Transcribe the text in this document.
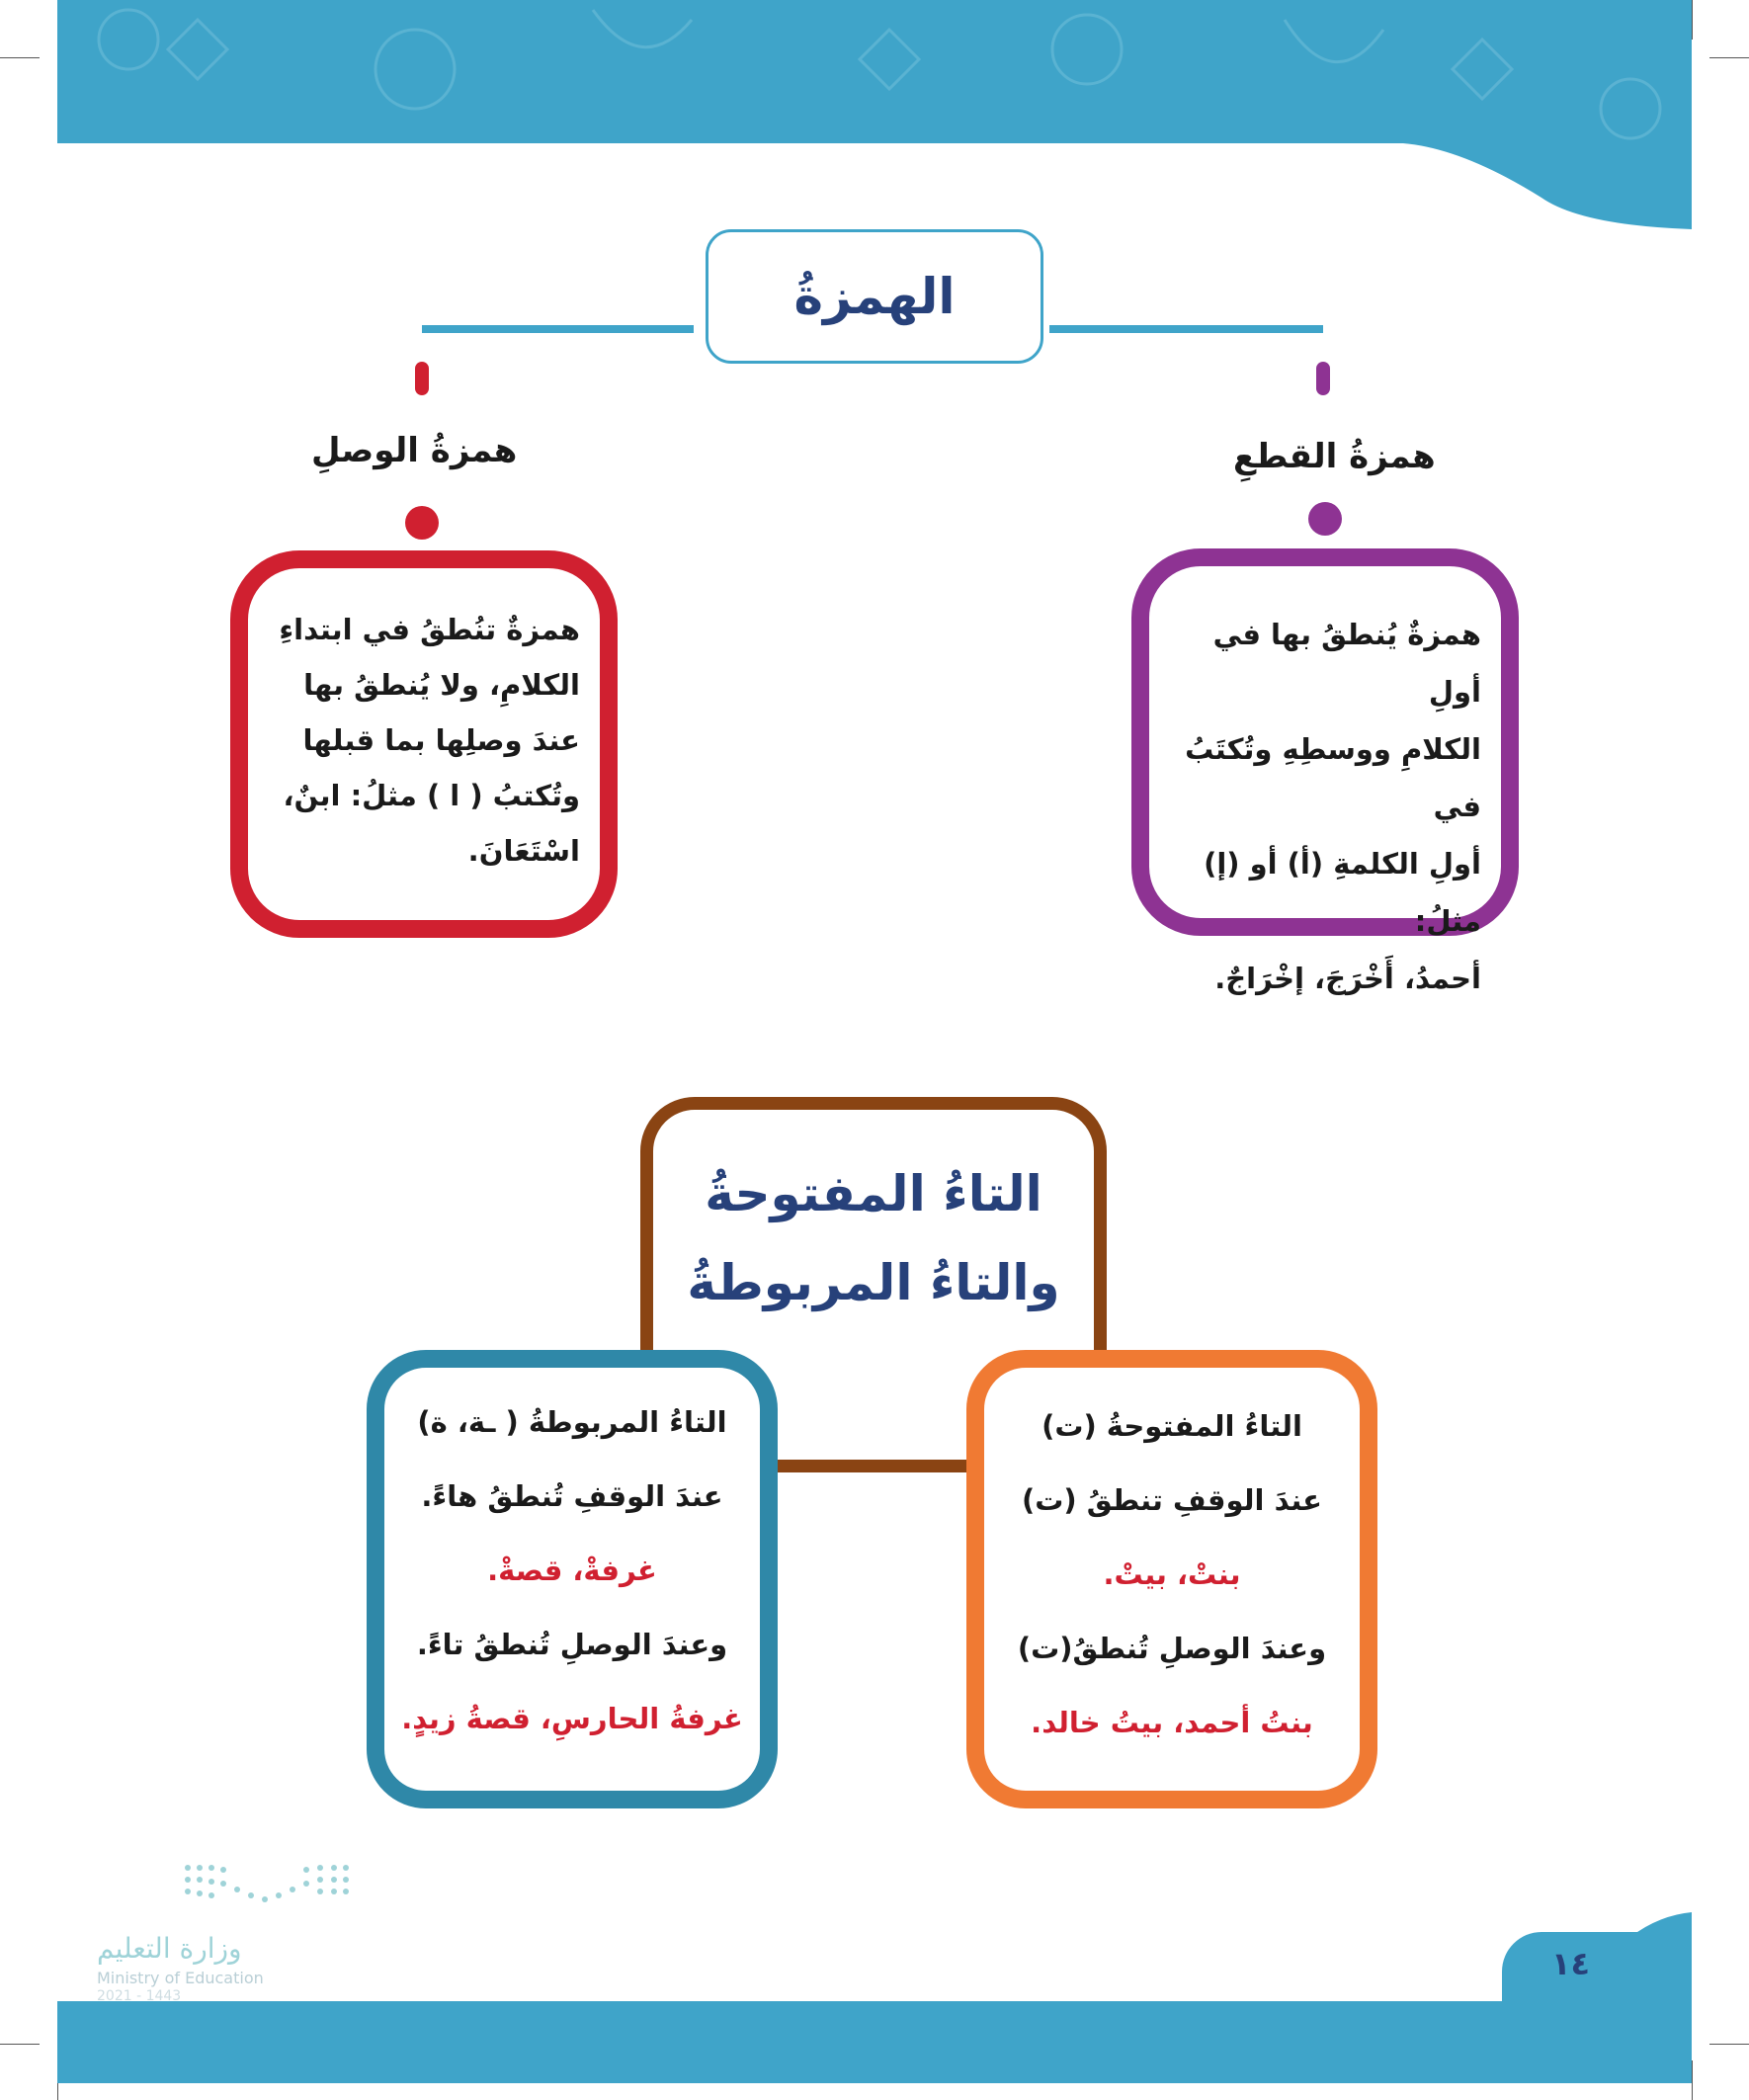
الهمزةُ
همزةُ القطعِ
همزةٌ يُنطقُ بها في أولِ
الكلامِ ووسطِهِ وتُكتَبُ في
أولِ الكلمةِ (أ) أو (إ) مثلُ:
أحمدُ، أَخْرَجَ، إخْرَاجٌ.
همزةُ الوصلِ
همزةٌ تنُطقُ في ابتداءِ
الكلامِ، ولا يُنطقُ بها
عندَ وصلِها بما قبلها
وتُكتبُ ( ا ) مثلُ: ابنٌ،
اسْتَعَانَ.
التاءُ المفتوحةُ
والتاءُ المربوطةُ
التاءُ المفتوحةُ (ت)
عندَ الوقفِ تنطقُ (ت)
بنتْ، بيتْ.
وعندَ الوصلِ تُنطقُ(ت)
بنتُ أحمد، بيتُ خالد.
التاءُ المربوطةُ ( ـة، ة)
عندَ الوقفِ تُنطقُ هاءً.
غرفةْ، قصةْ.
وعندَ الوصلِ تُنطقُ تاءً.
غرفةُ الحارسِ، قصةُ زيدٍ.
وزارة التعليم
Ministry of Education
2021 - 1443
١٤
